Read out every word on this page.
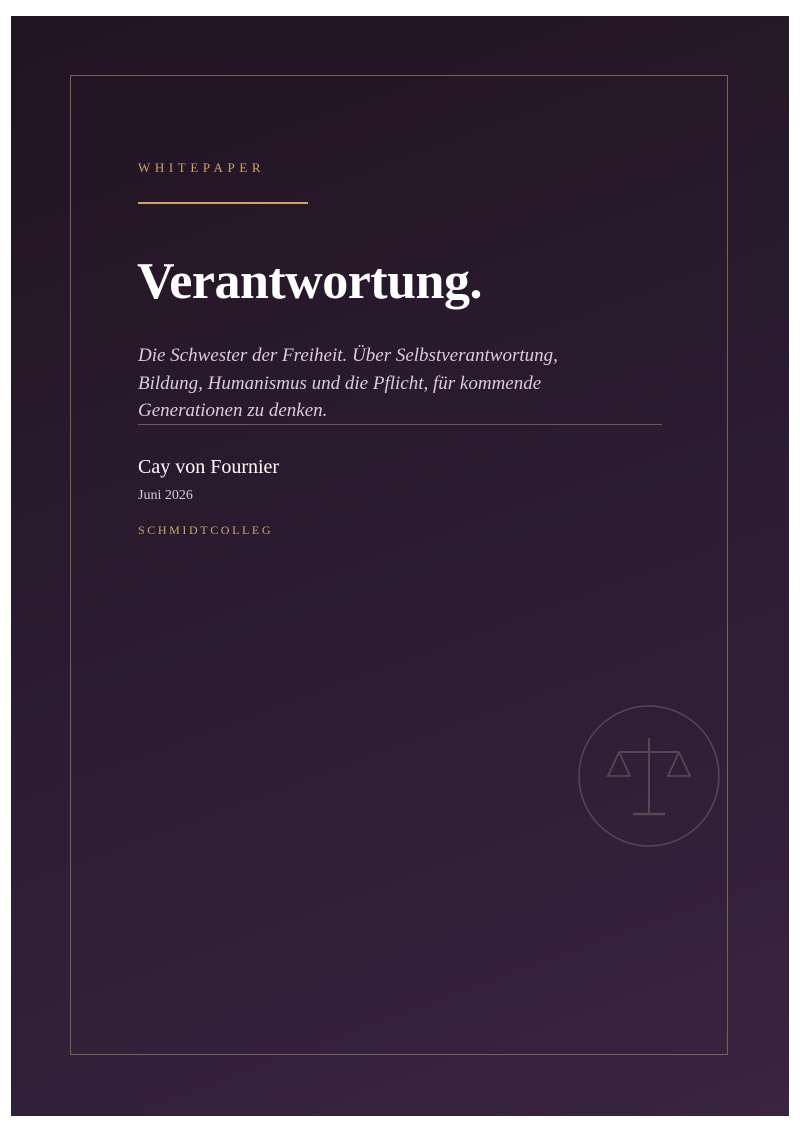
WHITEPAPER
Verantwortung.
Die Schwester der Freiheit. Über Selbstverantwortung, Bildung, Humanismus und die Pflicht, für kommende Generationen zu denken.
Cay von Fournier
Juni 2026
SCHMIDTCOLLEG
